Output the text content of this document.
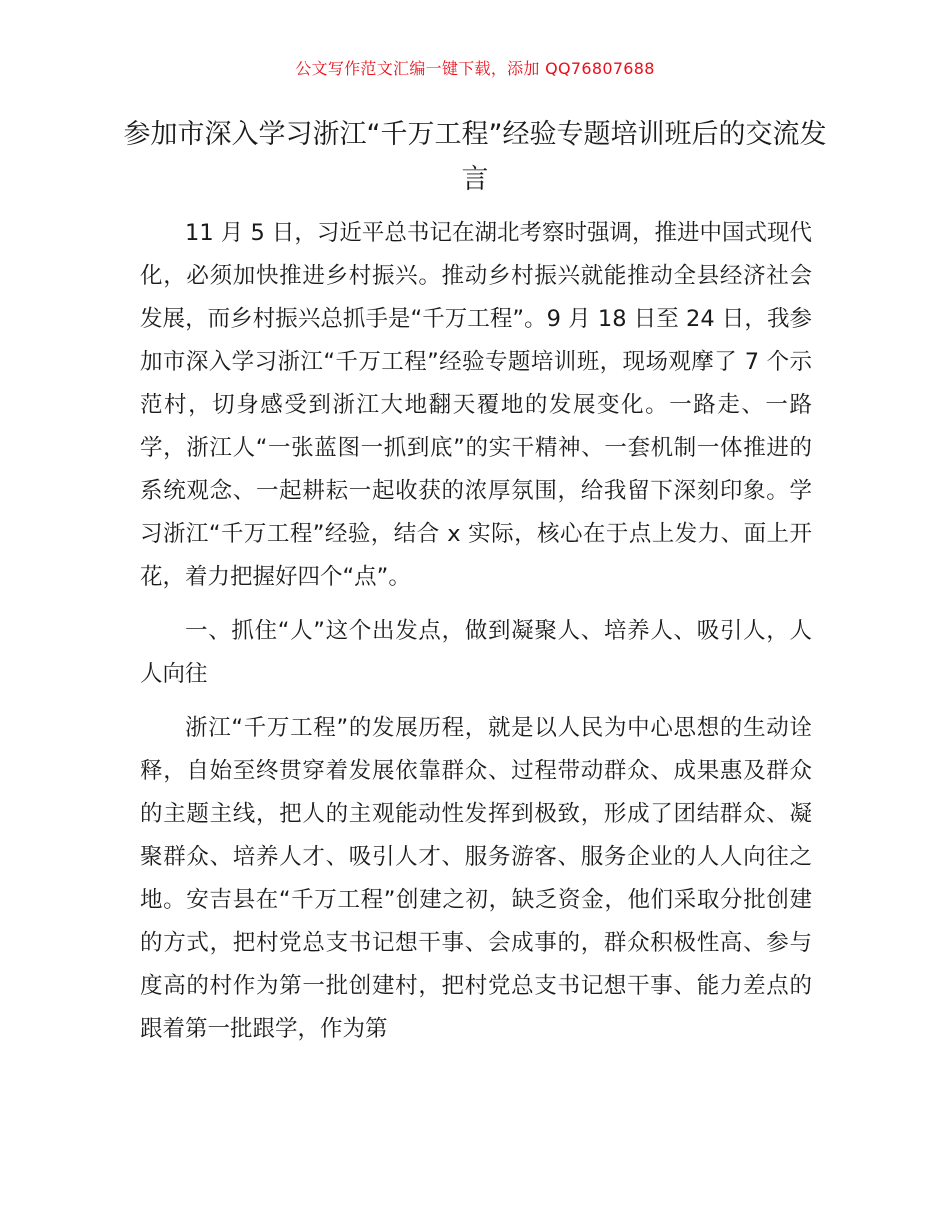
公文写作范文汇编一键下载，添加 QQ76807688
参加市深入学习浙江“千万工程”经验专题培训班后的交流发言

11 月 5 日，习近平总书记在湖北考察时强调，推进中国式现代化，必须加快推进乡村振兴。推动乡村振兴就能推动全县经济社会发展，而乡村振兴总抓手是“千万工程”。9 月 18 日至 24 日，我参加市深入学习浙江“千万工程”经验专题培训班，现场观摩了 7 个示范村，切身感受到浙江大地翻天覆地的发展变化。一路走、一路学，浙江人“一张蓝图一抓到底”的实干精神、一套机制一体推进的系统观念、一起耕耘一起收获的浓厚氛围，给我留下深刻印象。学习浙江“千万工程”经验，结合 x 实际，核心在于点上发力、面上开花，着力把握好四个“点”。

一、抓住“人”这个出发点，做到凝聚人、培养人、吸引人，人人向往

浙江“千万工程”的发展历程，就是以人民为中心思想的生动诠释，自始至终贯穿着发展依靠群众、过程带动群众、成果惠及群众的主题主线，把人的主观能动性发挥到极致，形成了团结群众、凝聚群众、培养人才、吸引人才、服务游客、服务企业的人人向往之地。安吉县在“千万工程”创建之初，缺乏资金，他们采取分批创建的方式，把村党总支书记想干事、会成事的，群众积极性高、参与度高的村作为第一批创建村，把村党总支书记想干事、能力差点的跟着第一批跟学，作为第
